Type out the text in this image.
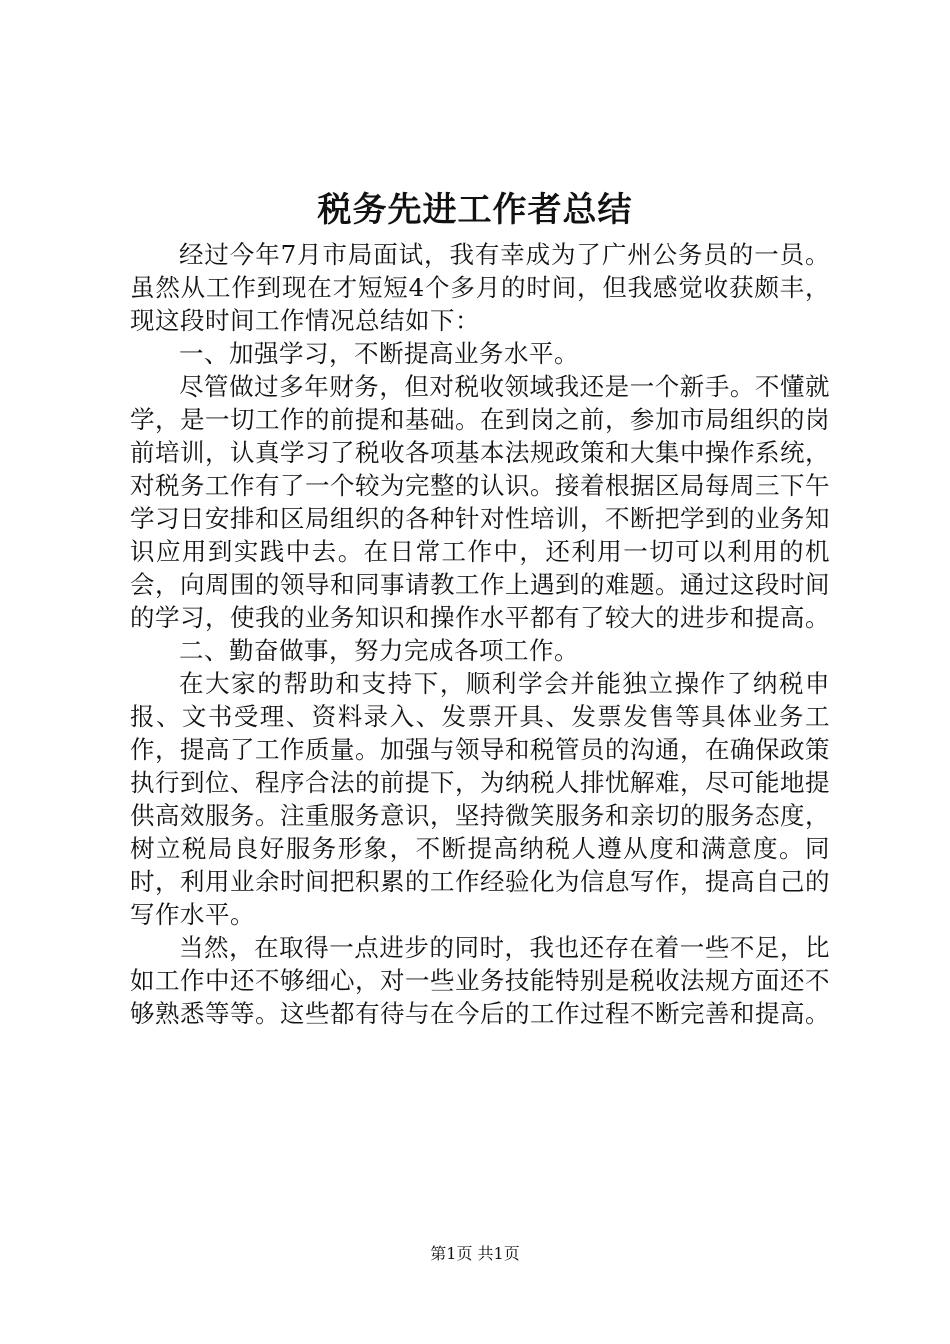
税务先进工作者总结

经过今年7月市局面试，我有幸成为了广州公务员的一员。虽然从工作到现在才短短4个多月的时间，但我感觉收获颇丰，现这段时间工作情况总结如下：

一、加强学习，不断提高业务水平。

尽管做过多年财务，但对税收领域我还是一个新手。不懂就学，是一切工作的前提和基础。在到岗之前，参加市局组织的岗前培训，认真学习了税收各项基本法规政策和大集中操作系统，对税务工作有了一个较为完整的认识。接着根据区局每周三下午学习日安排和区局组织的各种针对性培训，不断把学到的业务知识应用到实践中去。在日常工作中，还利用一切可以利用的机会，向周围的领导和同事请教工作上遇到的难题。通过这段时间的学习，使我的业务知识和操作水平都有了较大的进步和提高。

二、勤奋做事，努力完成各项工作。

在大家的帮助和支持下，顺利学会并能独立操作了纳税申报、文书受理、资料录入、发票开具、发票发售等具体业务工作，提高了工作质量。加强与领导和税管员的沟通，在确保政策执行到位、程序合法的前提下，为纳税人排忧解难，尽可能地提供高效服务。注重服务意识，坚持微笑服务和亲切的服务态度，树立税局良好服务形象，不断提高纳税人遵从度和满意度。同时，利用业余时间把积累的工作经验化为信息写作，提高自己的写作水平。

当然，在取得一点进步的同时，我也还存在着一些不足，比如工作中还不够细心，对一些业务技能特别是税收法规方面还不够熟悉等等。这些都有待与在今后的工作过程不断完善和提高。

第1页 共1页
